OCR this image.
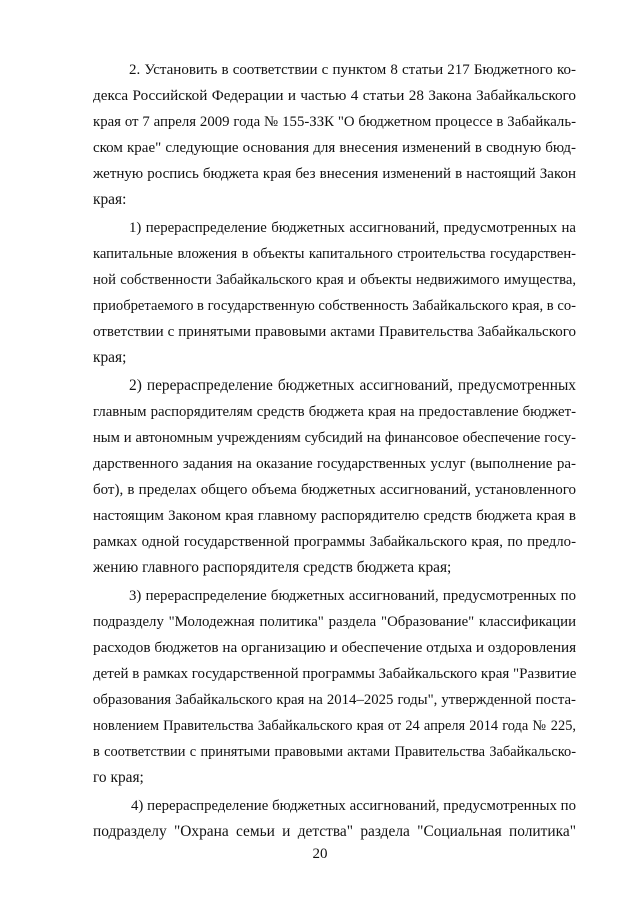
2. Установить в соответствии с пунктом 8 статьи 217 Бюджетного ко-
декса Российской Федерации и частью 4 статьи 28 Закона Забайкальского
края от 7 апреля 2009 года № 155-ЗЗК "О бюджетном процессе в Забайкаль-
ском крае" следующие основания для внесения изменений в сводную бюд-
жетную роспись бюджета края без внесения изменений в настоящий Закон
края:
1) перераспределение бюджетных ассигнований, предусмотренных на
капитальные вложения в объекты капитального строительства государствен-
ной собственности Забайкальского края и объекты недвижимого имущества,
приобретаемого в государственную собственность Забайкальского края, в со-
ответствии с принятыми правовыми актами Правительства Забайкальского
края;
2) перераспределение бюджетных ассигнований, предусмотренных
главным распорядителям средств бюджета края на предоставление бюджет-
ным и автономным учреждениям субсидий на финансовое обеспечение госу-
дарственного задания на оказание государственных услуг (выполнение ра-
бот), в пределах общего объема бюджетных ассигнований, установленного
настоящим Законом края главному распорядителю средств бюджета края в
рамках одной государственной программы Забайкальского края, по предло-
жению главного распорядителя средств бюджета края;
3) перераспределение бюджетных ассигнований, предусмотренных по
подразделу "Молодежная политика" раздела "Образование" классификации
расходов бюджетов на организацию и обеспечение отдыха и оздоровления
детей в рамках государственной программы Забайкальского края "Развитие
образования Забайкальского края на 2014–2025 годы", утвержденной поста-
новлением Правительства Забайкальского края от 24 апреля 2014 года № 225,
в соответствии с принятыми правовыми актами Правительства Забайкальско-
го края;
4) перераспределение бюджетных ассигнований, предусмотренных по
подразделу "Охрана семьи и детства" раздела "Социальная политика"
20
